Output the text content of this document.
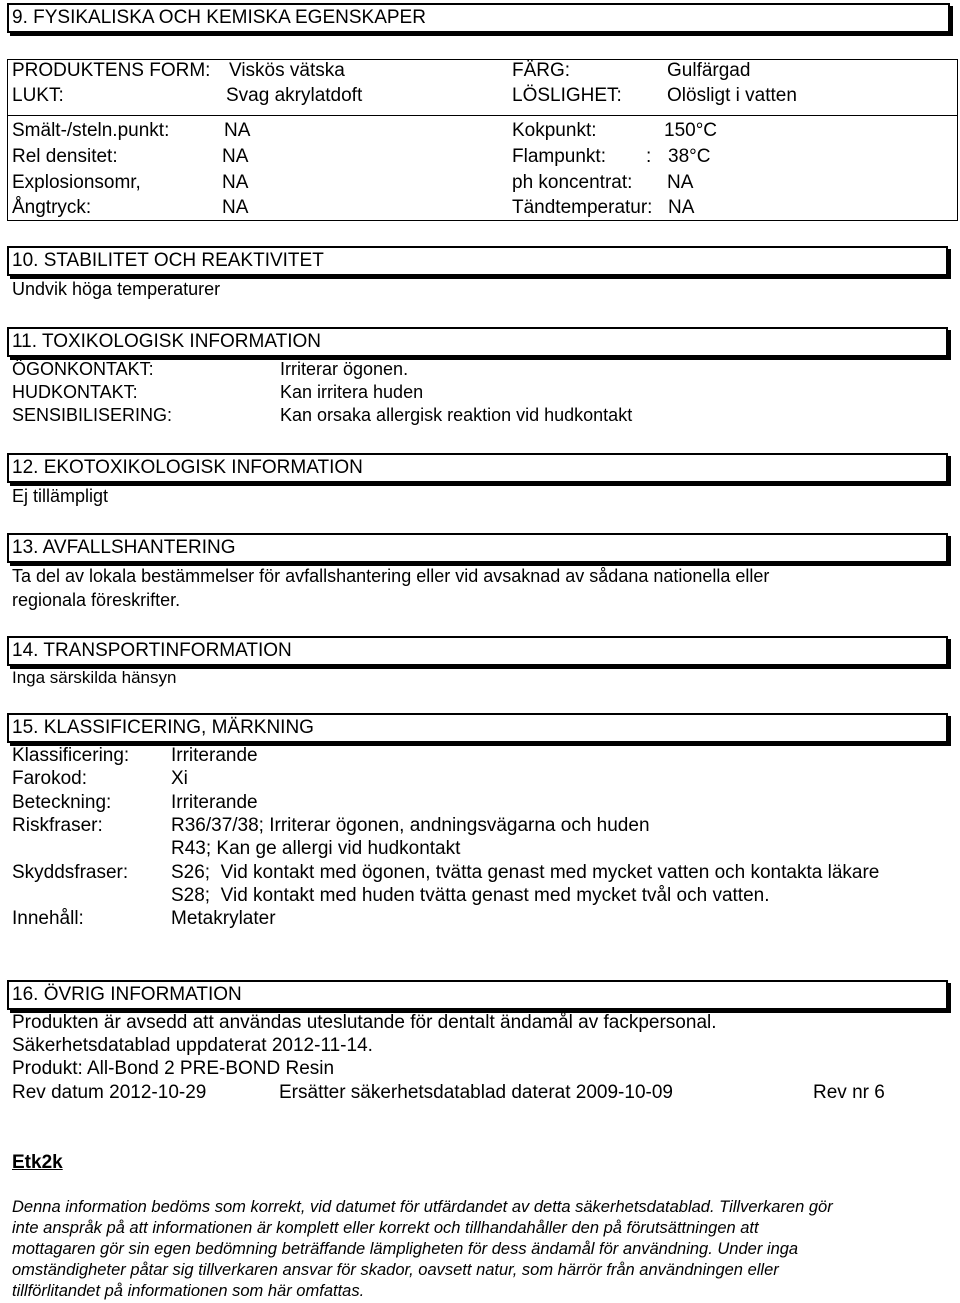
9. FYSIKALISKA OCH KEMISKA EGENSKAPER
PRODUKTENS FORM: Viskös vätska	FÄRG:	Gulfärgad
LUKT:	Svag akrylatdoft	LÖSLIGHET: Olösligt i vatten
Smält-/steln.punkt:	NA	Kokpunkt:	150°C
Rel densitet:	NA	Flampunkt: : 38°C
Explosionsomr,	NA	ph koncentrat: NA
Ångtryck:	NA	Tändtemperatur: NA
10. STABILITET OCH REAKTIVITET
Undvik höga temperaturer
11. TOXIKOLOGISK INFORMATION
ÖGONKONTAKT:	Irriterar ögonen.
HUDKONTAKT:	Kan irritera huden
SENSIBILISERING:	Kan orsaka allergisk reaktion vid hudkontakt
12. EKOTOXIKOLOGISK INFORMATION
Ej tillämpligt
13. AVFALLSHANTERING
Ta del av lokala bestämmelser för avfallshantering eller vid avsaknad av sådana nationella eller
regionala föreskrifter.
14. TRANSPORTINFORMATION
Inga särskilda hänsyn
15. KLASSIFICERING, MÄRKNING
Klassificering: Irriterande
Farokod:	Xi
Beteckning:	Irriterande
Riskfraser:	R36/37/38; Irriterar ögonen, andningsvägarna och huden
R43; Kan ge allergi vid hudkontakt
Skyddsfraser: S26;  Vid kontakt med ögonen, tvätta genast med mycket vatten och kontakta läkare
S28;  Vid kontakt med huden tvätta genast med mycket tvål och vatten.
Innehåll:	Metakrylater
16. ÖVRIG INFORMATION
Produkten är avsedd att användas uteslutande för dentalt ändamål av fackpersonal.
Säkerhetsdatablad uppdaterat 2012-11-14.
Produkt: All-Bond 2 PRE-BOND Resin
Rev datum 2012-10-29	Ersätter säkerhetsdatablad daterat 2009-10-09	Rev nr 6
Etk2k
Denna information bedöms som korrekt, vid datumet för utfärdandet av detta säkerhetsdatablad. Tillverkaren gör
inte anspråk på att informationen är komplett eller korrekt och tillhandahåller den på förutsättningen att
mottagaren gör sin egen bedömning beträffande lämpligheten för dess ändamål för användning. Under inga
omständigheter påtar sig tillverkaren ansvar för skador, oavsett natur, som härrör från användningen eller
tillförlitandet på informationen som här omfattas.
